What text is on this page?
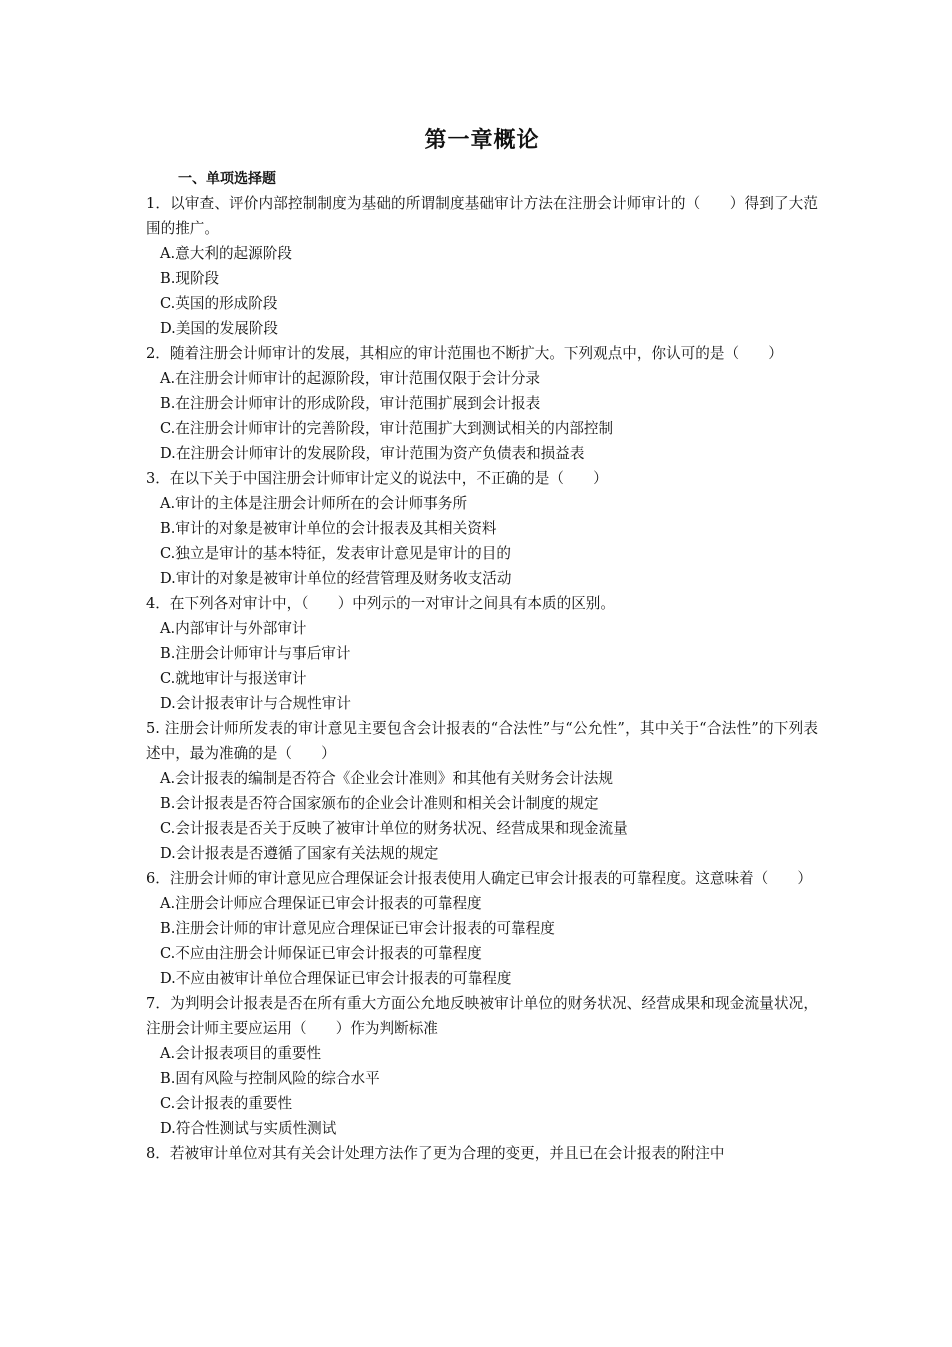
第一章概论
一、单项选择题

1．以审查、评价内部控制制度为基础的所谓制度基础审计方法在注册会计师审计的（　　）得到了大范围的推广。

A.意大利的起源阶段

B.现阶段

C.英国的形成阶段

D.美国的发展阶段

2．随着注册会计师审计的发展，其相应的审计范围也不断扩大。下列观点中，你认可的是（　　）

A.在注册会计师审计的起源阶段，审计范围仅限于会计分录

B.在注册会计师审计的形成阶段，审计范围扩展到会计报表

C.在注册会计师审计的完善阶段，审计范围扩大到测试相关的内部控制

D.在注册会计师审计的发展阶段，审计范围为资产负债表和损益表

3．在以下关于中国注册会计师审计定义的说法中，不正确的是（　　）

A.审计的主体是注册会计师所在的会计师事务所

B.审计的对象是被审计单位的会计报表及其相关资料

C.独立是审计的基本特征，发表审计意见是审计的目的

D.审计的对象是被审计单位的经营管理及财务收支活动

4．在下列各对审计中，（　　）中列示的一对审计之间具有本质的区别。

A.内部审计与外部审计

B.注册会计师审计与事后审计

C.就地审计与报送审计

D.会计报表审计与合规性审计

5. 注册会计师所发表的审计意见主要包含会计报表的“合法性”与“公允性”，其中关于“合法性”的下列表述中，最为准确的是（　　）

A.会计报表的编制是否符合《企业会计准则》和其他有关财务会计法规

B.会计报表是否符合国家颁布的企业会计准则和相关会计制度的规定

C.会计报表是否关于反映了被审计单位的财务状况、经营成果和现金流量

D.会计报表是否遵循了国家有关法规的规定

6．注册会计师的审计意见应合理保证会计报表使用人确定已审会计报表的可靠程度。这意味着（　　）

A.注册会计师应合理保证已审会计报表的可靠程度

B.注册会计师的审计意见应合理保证已审会计报表的可靠程度

C.不应由注册会计师保证已审会计报表的可靠程度

D.不应由被审计单位合理保证已审会计报表的可靠程度

7．为判明会计报表是否在所有重大方面公允地反映被审计单位的财务状况、经营成果和现金流量状况，注册会计师主要应运用（　　）作为判断标准

A.会计报表项目的重要性

B.固有风险与控制风险的综合水平

C.会计报表的重要性

D.符合性测试与实质性测试

8．若被审计单位对其有关会计处理方法作了更为合理的变更，并且已在会计报表的附注中
